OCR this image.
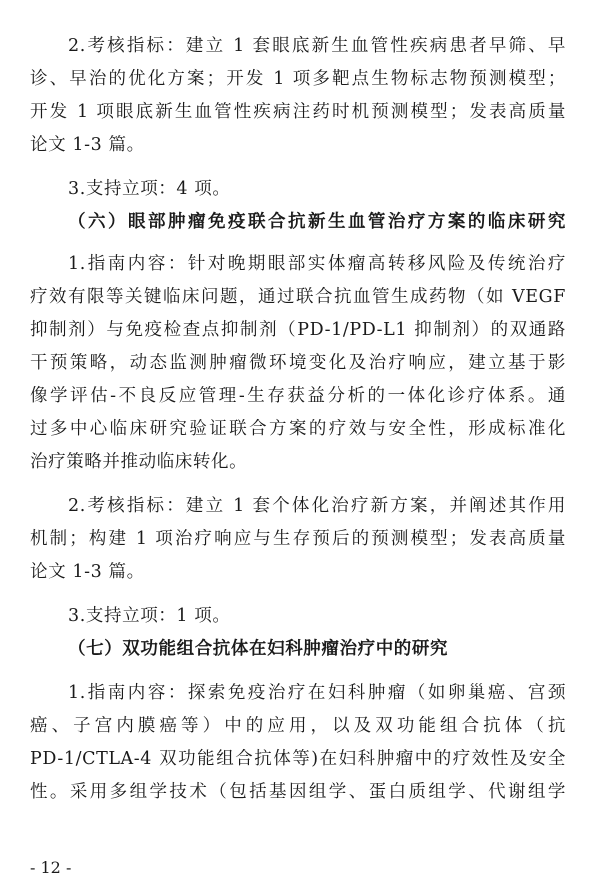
2.考核指标：建立 1 套眼底新生血管性疾病患者早筛、早
诊、早治的优化方案；开发 1 项多靶点生物标志物预测模型；
开发 1 项眼底新生血管性疾病注药时机预测模型；发表高质量
论文 1-3 篇。
3.支持立项：4 项。
（六）眼部肿瘤免疫联合抗新生血管治疗方案的临床研究
1.指南内容：针对晚期眼部实体瘤高转移风险及传统治疗
疗效有限等关键临床问题，通过联合抗血管生成药物（如 VEGF
抑制剂）与免疫检查点抑制剂（PD-1/PD-L1 抑制剂）的双通路
干预策略，动态监测肿瘤微环境变化及治疗响应，建立基于影
像学评估-不良反应管理-生存获益分析的一体化诊疗体系。通
过多中心临床研究验证联合方案的疗效与安全性，形成标准化
治疗策略并推动临床转化。
2.考核指标：建立 1 套个体化治疗新方案，并阐述其作用
机制；构建 1 项治疗响应与生存预后的预测模型；发表高质量
论文 1-3 篇。
3.支持立项：1 项。
（七）双功能组合抗体在妇科肿瘤治疗中的研究
1.指南内容：探索免疫治疗在妇科肿瘤（如卵巢癌、宫颈
癌、子宫内膜癌等）中的应用，以及双功能组合抗体（抗
PD-1/CTLA-4 双功能组合抗体等)在妇科肿瘤中的疗效性及安全
性。采用多组学技术（包括基因组学、蛋白质组学、代谢组学
- 12 -
